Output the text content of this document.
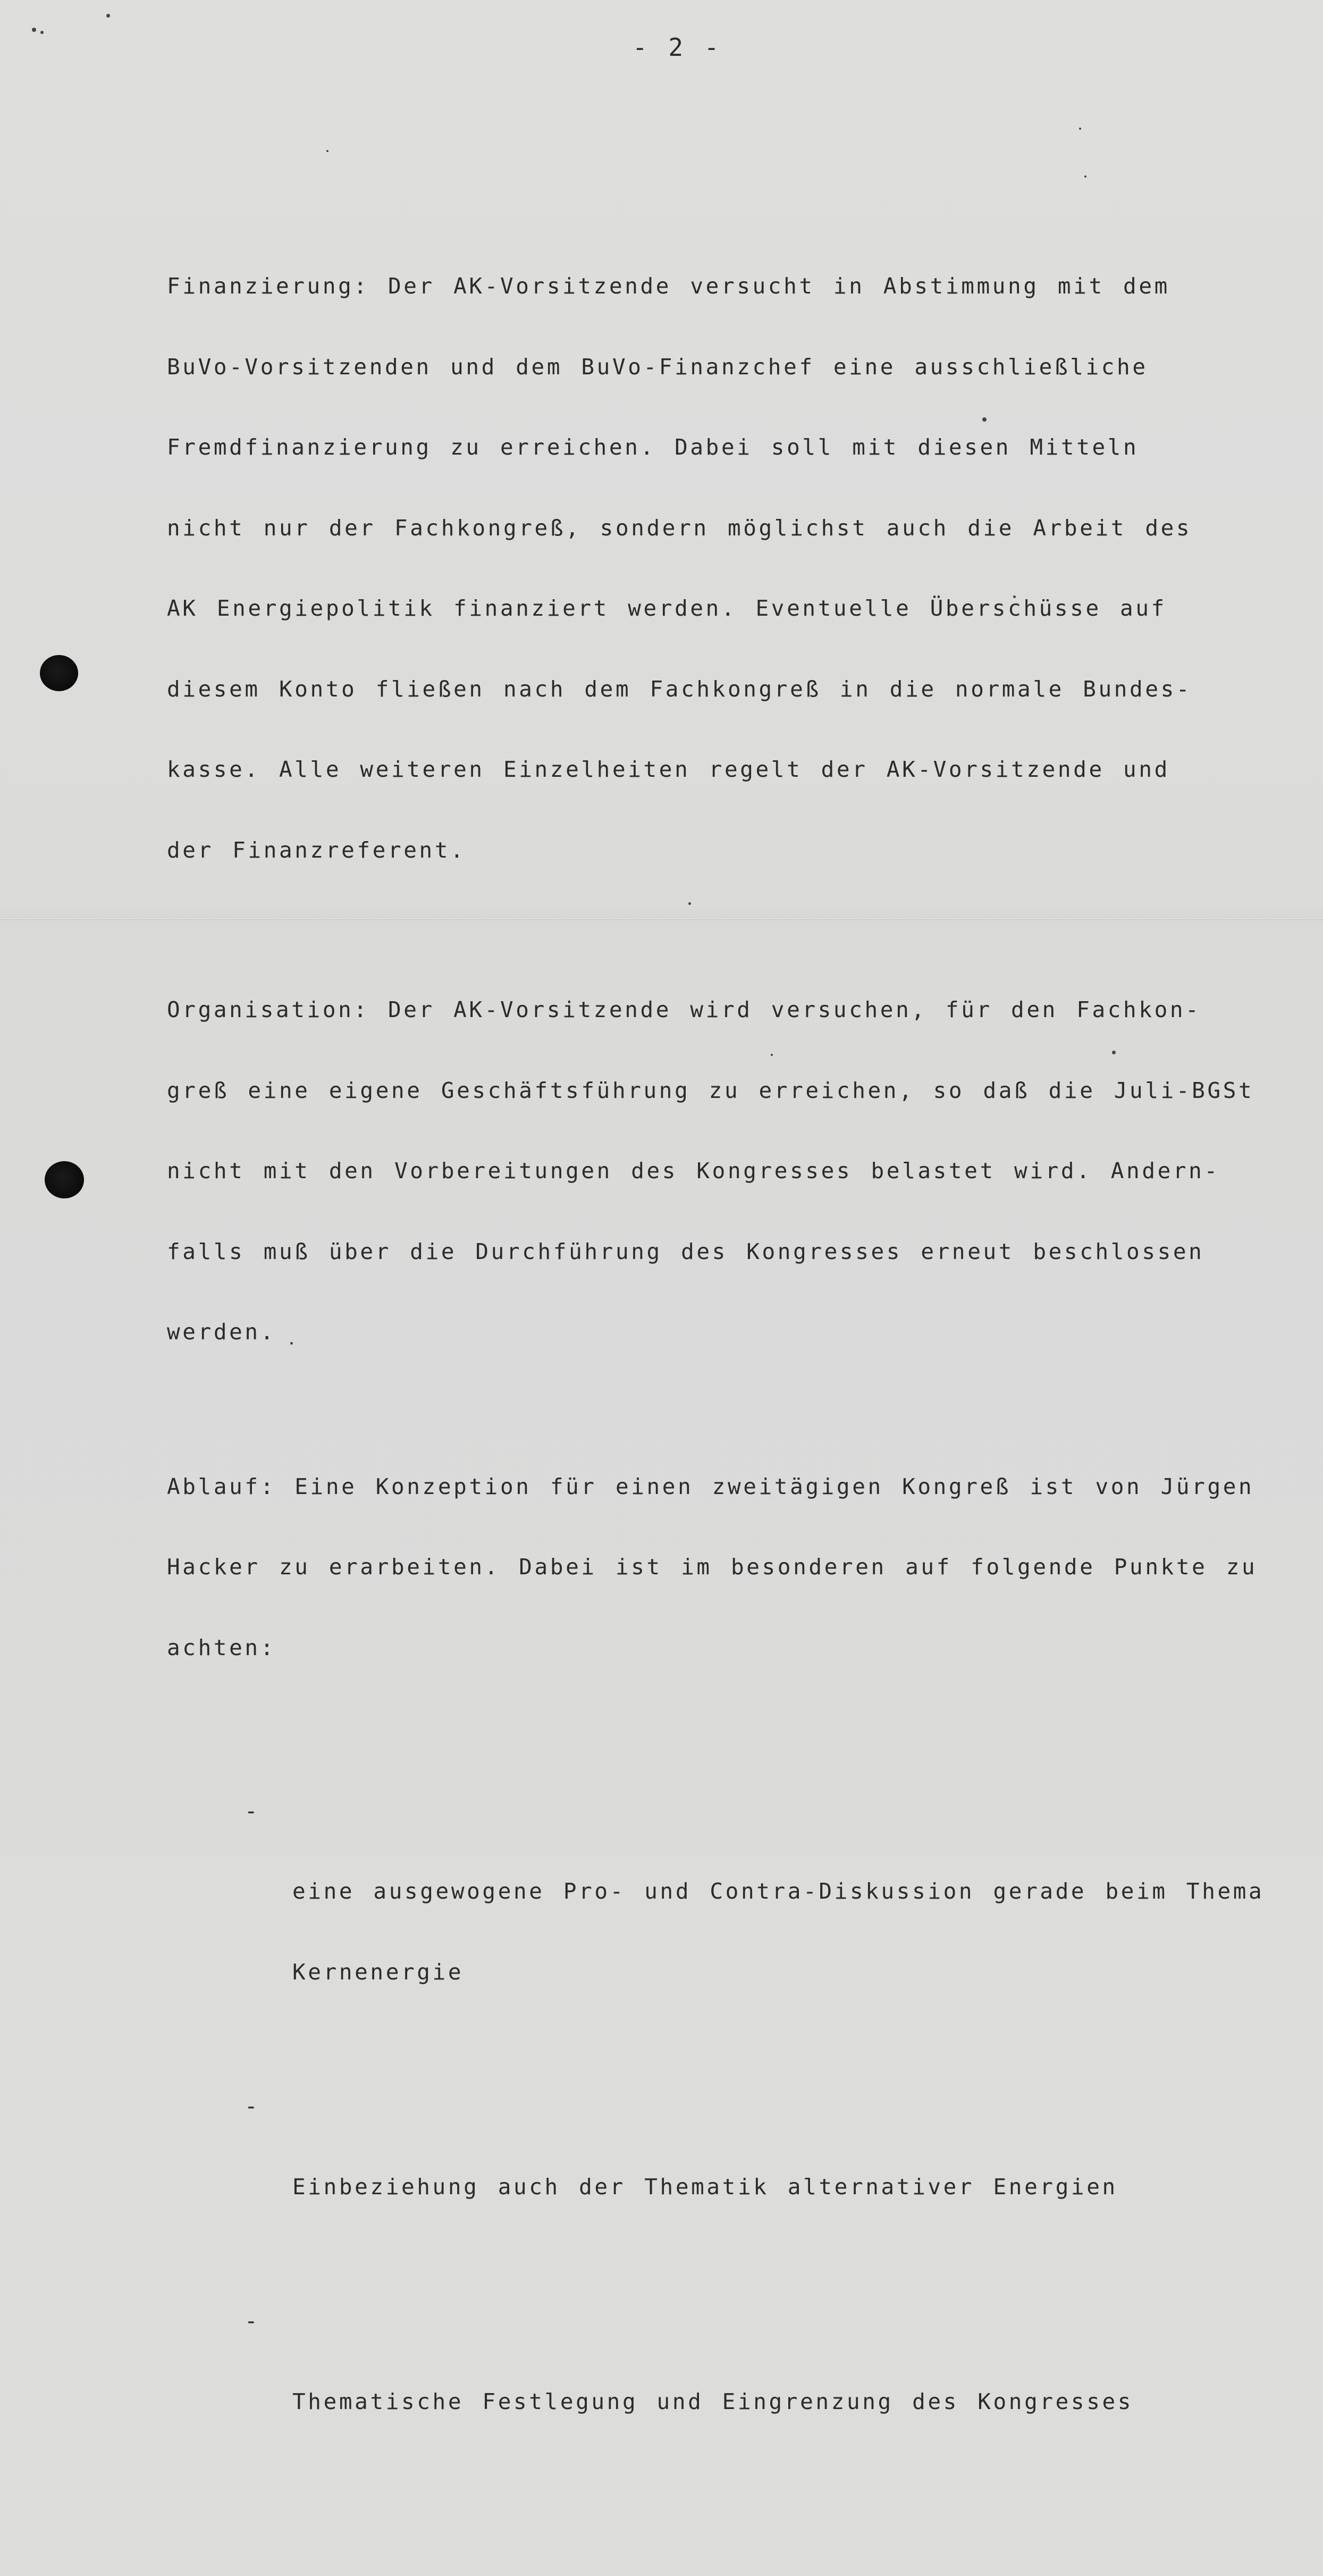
- 2 -

Finanzierung: Der AK-Vorsitzende versucht in Abstimmung mit dem

BuVo-Vorsitzenden und dem BuVo-Finanzchef eine ausschließliche

Fremdfinanzierung zu erreichen. Dabei soll mit diesen Mitteln

nicht nur der Fachkongreß, sondern möglichst auch die Arbeit des

AK Energiepolitik finanziert werden. Eventuelle Überschüsse auf

diesem Konto fließen nach dem Fachkongreß in die normale Bundes-

kasse. Alle weiteren Einzelheiten regelt der AK-Vorsitzende und

der Finanzreferent.

Organisation: Der AK-Vorsitzende wird versuchen, für den Fachkon-

greß eine eigene Geschäftsführung zu erreichen, so daß die Juli-BGSt

nicht mit den Vorbereitungen des Kongresses belastet wird. Andern-

falls muß über die Durchführung des Kongresses erneut beschlossen

werden.

Ablauf: Eine Konzeption für einen zweitägigen Kongreß ist von Jürgen

Hacker zu erarbeiten. Dabei ist im besonderen auf folgende Punkte zu

achten:

-

eine ausgewogene Pro- und Contra-Diskussion gerade beim Thema

Kernenergie

-

Einbeziehung auch der Thematik alternativer Energien

-

Thematische Festlegung und Eingrenzung des Kongresses
